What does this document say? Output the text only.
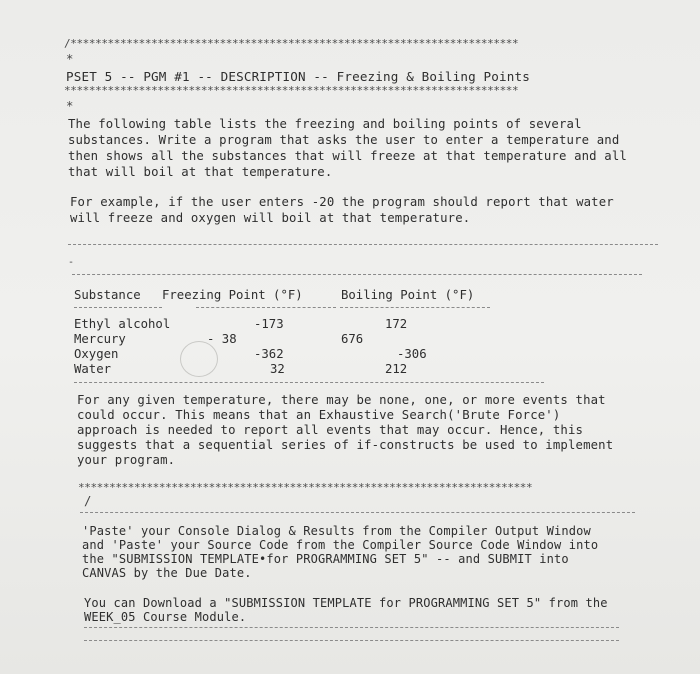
/************************************************************************
*
PSET 5 -- PGM #1 -- DESCRIPTION -- Freezing & Boiling Points
*************************************************************************
*
The following table lists the freezing and boiling points of several
substances. Write a program that asks the user to enter a temperature and
then shows all the substances that will freeze at that temperature and all
that will boil at that temperature.
For example, if the user enters -20 the program should report that water
will freeze and oxygen will boil at that temperature.
-
Substance Freezing Point (°F)	Boiling Point (°F)
Ethyl alcohol	-173	172
Mercury	- 38	676
Oxygen	-362	-306
Water	32	212
For any given temperature, there may be none, one, or more events that
could occur. This means that an Exhaustive Search('Brute Force')
approach is needed to report all events that may occur. Hence, this
suggests that a sequential series of if-constructs be used to implement
your program.
*************************************************************************
/
'Paste' your Console Dialog & Results from the Compiler Output Window
and 'Paste' your Source Code from the Compiler Source Code Window into
the "SUBMISSION TEMPLATE•for PROGRAMMING SET 5" -- and SUBMIT into
CANVAS by the Due Date.
You can Download a "SUBMISSION TEMPLATE for PROGRAMMING SET 5" from the
WEEK_05 Course Module.
